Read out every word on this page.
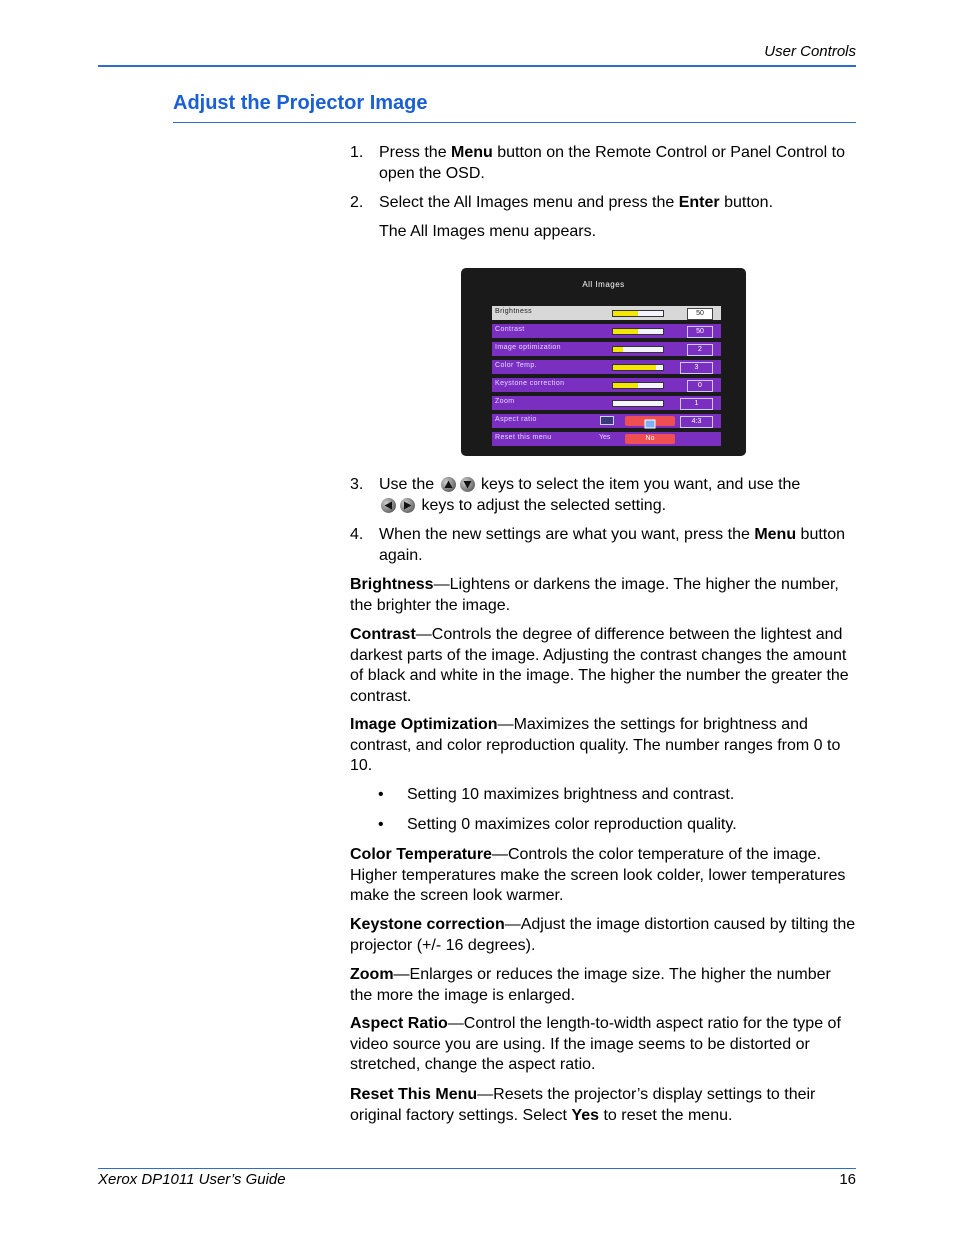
User Controls
Adjust the Projector Image
1. Press the Menu button on the Remote Control or Panel Control to open the OSD.
2. Select the All Images menu and press the Enter button.
The All Images menu appears.
All Images
Brightness	50
Contrast	50
Image optimization	2
Color Temp.	3
Keystone correction	0
Zoom	1
Aspect ratio	4:3
Reset this menu	Yes	No
3. Use the
keys to select the item you want, and use the

keys to adjust the selected setting.
4. When the new settings are what you want, press the Menu button again.
Brightness—Lightens or darkens the image. The higher the number, the brighter the image.
Contrast—Controls the degree of difference between the lightest and darkest parts of the image. Adjusting the contrast changes the amount of black and white in the image. The higher the number the greater the contrast.
Image Optimization—Maximizes the settings for brightness and contrast, and color reproduction quality. The number ranges from 0 to 10.
• Setting 10 maximizes brightness and contrast.
• Setting 0 maximizes color reproduction quality.
Color Temperature—Controls the color temperature of the image. Higher temperatures make the screen look colder, lower temperatures make the screen look warmer.
Keystone correction—Adjust the image distortion caused by tilting the projector (+/- 16 degrees).
Zoom—Enlarges or reduces the image size. The higher the number the more the image is enlarged.
Aspect Ratio—Control the length-to-width aspect ratio for the type of video source you are using. If the image seems to be distorted or stretched, change the aspect ratio.
Reset This Menu—Resets the projector’s display settings to their original factory settings. Select Yes to reset the menu.
Xerox DP1011 User’s Guide	16
